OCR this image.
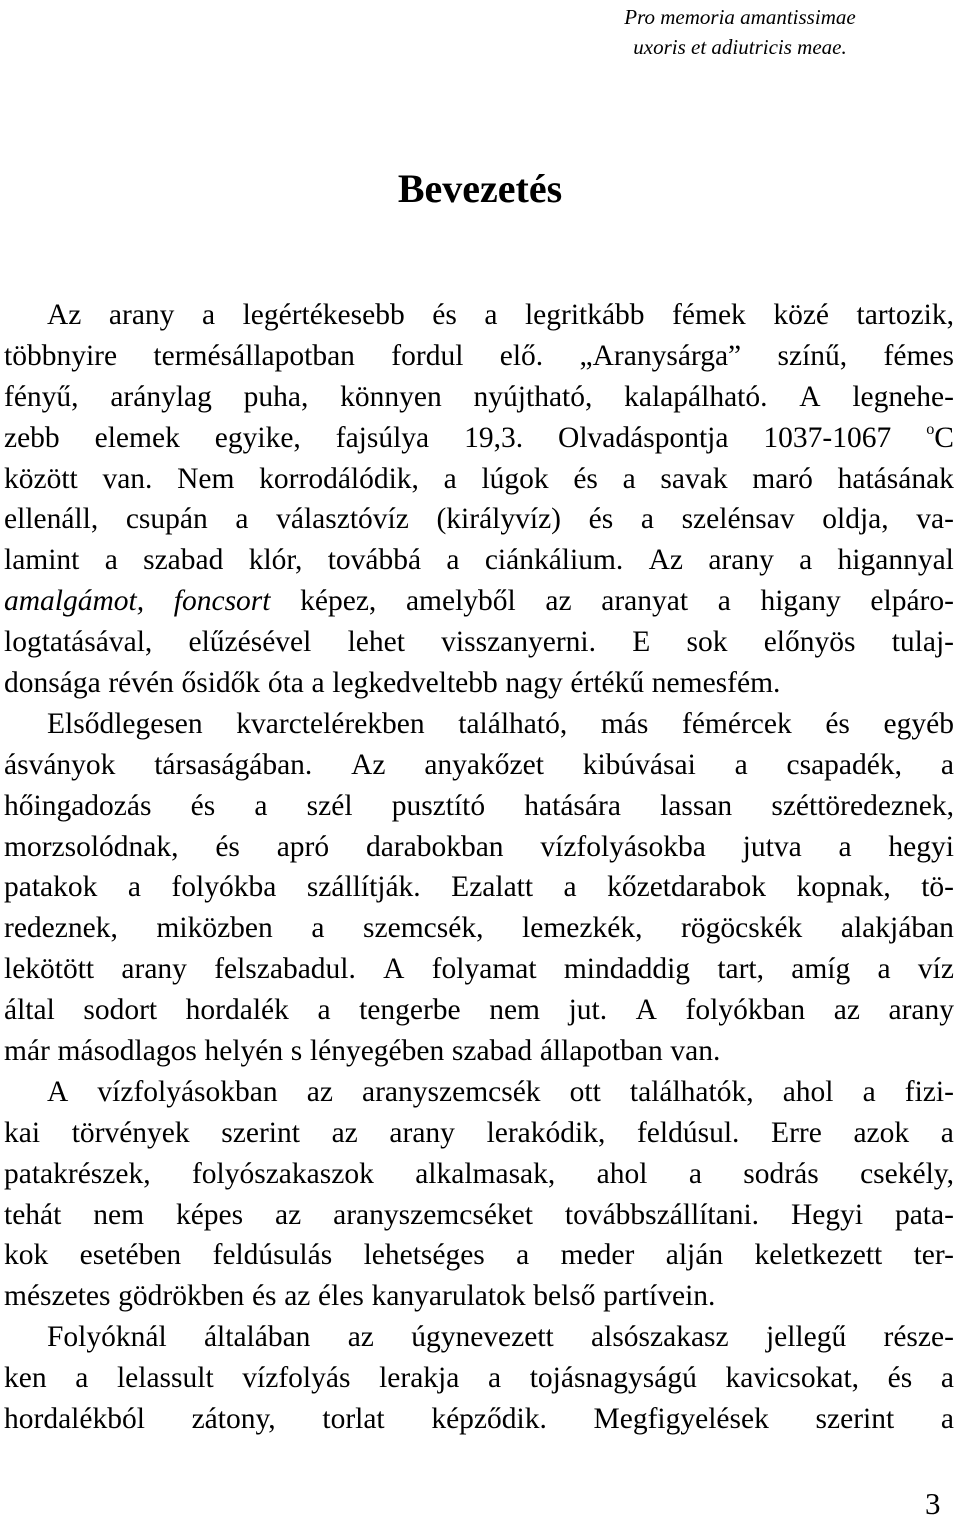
Pro memoria amantissimae
uxoris et adiutricis meae.
Bevezetés
Az arany a legértékesebb és a legritkább fémek közé tartozik,
többnyire termésállapotban fordul elő. „Aranysárga” színű, fémes
fényű, aránylag puha, könnyen nyújtható, kalapálható. A legnehe-
zebb elemek egyike, fajsúlya 19,3. Olvadáspontja 1037-1067 $^o$C
között van. Nem korrodálódik, a lúgok és a savak maró hatásának
ellenáll, csupán a választóvíz (királyvíz) és a szelénsav oldja, va-
lamint a szabad klór, továbbá a ciánkálium. Az arany a higannyal
amalgámot, foncsort képez, amelyből az aranyat a higany elpáro-
logtatásával, elűzésével lehet visszanyerni. E sok előnyös tulaj-
donsága révén ősidők óta a legkedveltebb nagy értékű nemesfém.
Elsődlegesen kvarctelérekben található, más fémércek és egyéb
ásványok társaságában. Az anyakőzet kibúvásai a csapadék, a
hőingadozás és a szél pusztító hatására lassan széttöredeznek,
morzsolódnak, és apró darabokban vízfolyásokba jutva a hegyi
patakok a folyókba szállítják. Ezalatt a kőzetdarabok kopnak, tö-
redeznek, miközben a szemcsék, lemezkék, rögöcskék alakjában
lekötött arany felszabadul. A folyamat mindaddig tart, amíg a víz
által sodort hordalék a tengerbe nem jut. A folyókban az arany
már másodlagos helyén s lényegében szabad állapotban van.
A vízfolyásokban az aranyszemcsék ott találhatók, ahol a fizi-
kai törvények szerint az arany lerakódik, feldúsul. Erre azok a
patakrészek, folyószakaszok alkalmasak, ahol a sodrás csekély,
tehát nem képes az aranyszemcséket továbbszállítani. Hegyi pata-
kok esetében feldúsulás lehetséges a meder alján keletkezett ter-
mészetes gödrökben és az éles kanyarulatok belső partívein.
Folyóknál általában az úgynevezett alsószakasz jellegű része-
ken a lelassult vízfolyás lerakja a tojásnagyságú kavicsokat, és a
hordalékból zátony, torlat képződik. Megfigyelések szerint a
3
